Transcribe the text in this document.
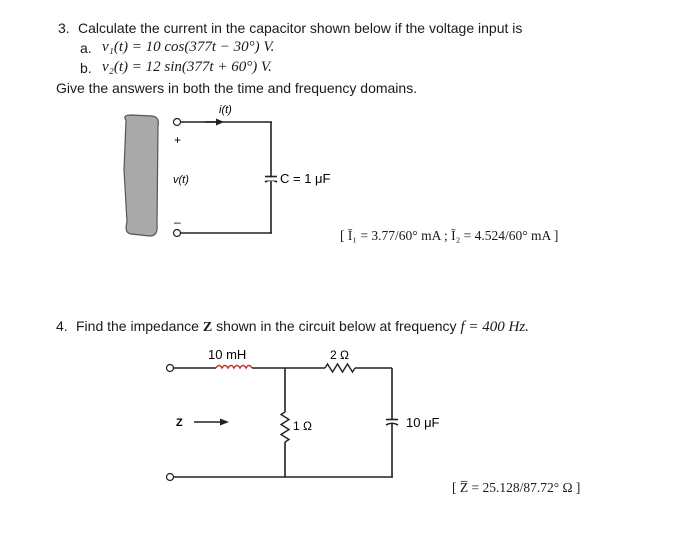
3. Calculate the current in the capacitor shown below if the voltage input is
a. v₁(t) = 10 cos(377t − 30°) V.
b. v₂(t) = 12 sin(377t + 60°) V.
Give the answers in both the time and frequency domains.
i(t)
+
–
v(t)	C = 1 μF
[ Ī₁ = 3.77/60° mA ; Ī₂ = 4.524/60° mA ]
4. Find the impedance Z shown in the circuit below at frequency f = 400 Hz.
10 mH	2 Ω
Z	1 Ω	10 μF
[ Z̅ = 25.128/87.72° Ω ]
